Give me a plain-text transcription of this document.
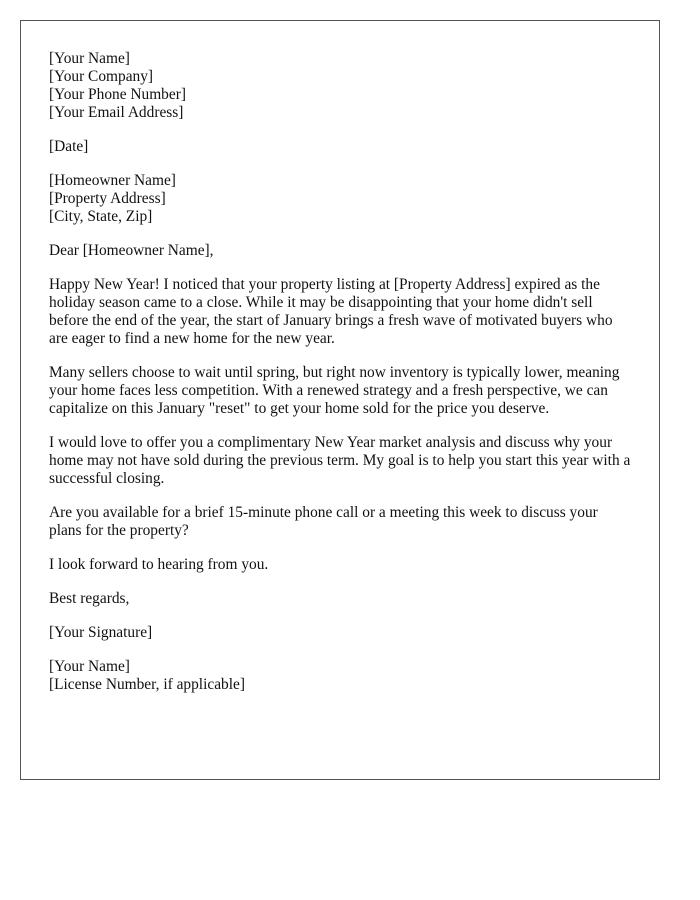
[Your Name]
[Your Company]
[Your Phone Number]
[Your Email Address]
[Date]
[Homeowner Name]
[Property Address]
[City, State, Zip]

Dear [Homeowner Name],

Happy New Year! I noticed that your property listing at [Property Address] expired as the holiday season came to a close. While it may be disappointing that your home didn't sell before the end of the year, the start of January brings a fresh wave of motivated buyers who are eager to find a new home for the new year.

Many sellers choose to wait until spring, but right now inventory is typically lower, meaning your home faces less competition. With a renewed strategy and a fresh perspective, we can capitalize on this January "reset" to get your home sold for the price you deserve.

I would love to offer you a complimentary New Year market analysis and discuss why your home may not have sold during the previous term. My goal is to help you start this year with a successful closing.

Are you available for a brief 15-minute phone call or a meeting this week to discuss your plans for the property?

I look forward to hearing from you.

Best regards,

[Your Signature]

[Your Name]
[License Number, if applicable]
